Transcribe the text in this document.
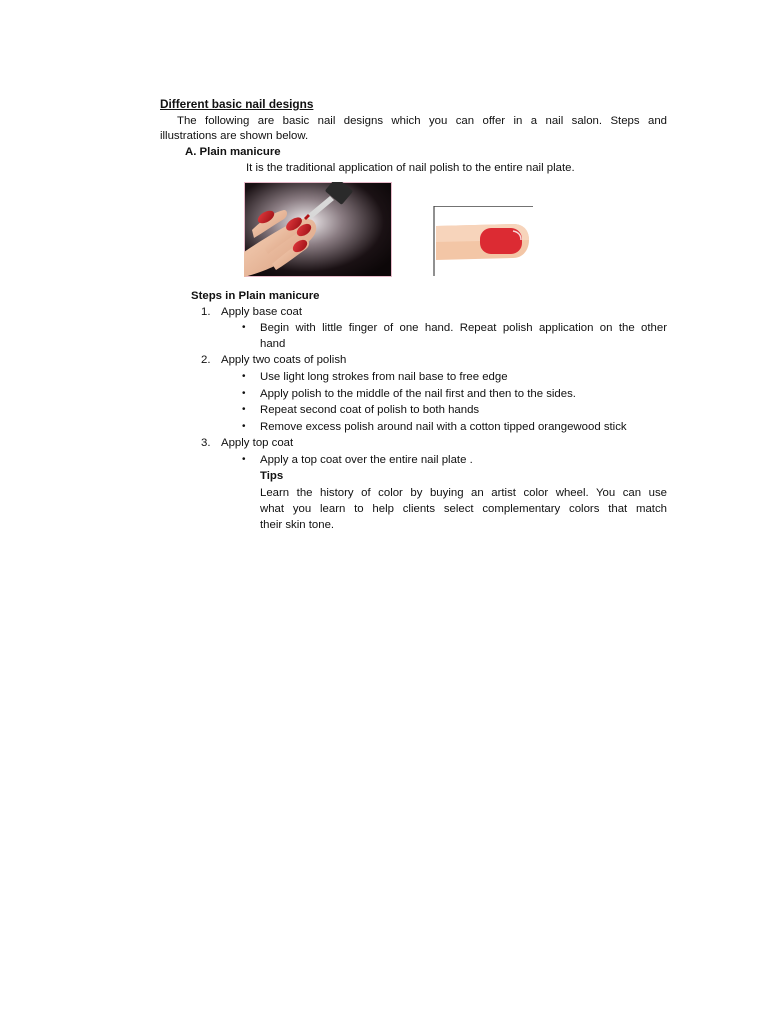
Different basic nail designs
The following are basic nail designs which you can offer in a nail salon. Steps and
illustrations are shown below.
A. Plain manicure
It is the traditional application of nail polish to the entire nail plate.
Steps in Plain manicure
1. Apply base coat
• Begin with little finger of one hand. Repeat polish application on the other
hand
2. Apply two coats of polish
• Use light long strokes from nail base to free edge
• Apply polish to the middle of the nail first and then to the sides.
• Repeat second coat of polish to both hands
• Remove excess polish around nail with a cotton tipped orangewood stick
3. Apply top coat
• Apply a top coat over the entire nail plate .
Tips
Learn the history of color by buying an artist color wheel. You can use
what you learn to help clients select complementary colors that match
their skin tone.
